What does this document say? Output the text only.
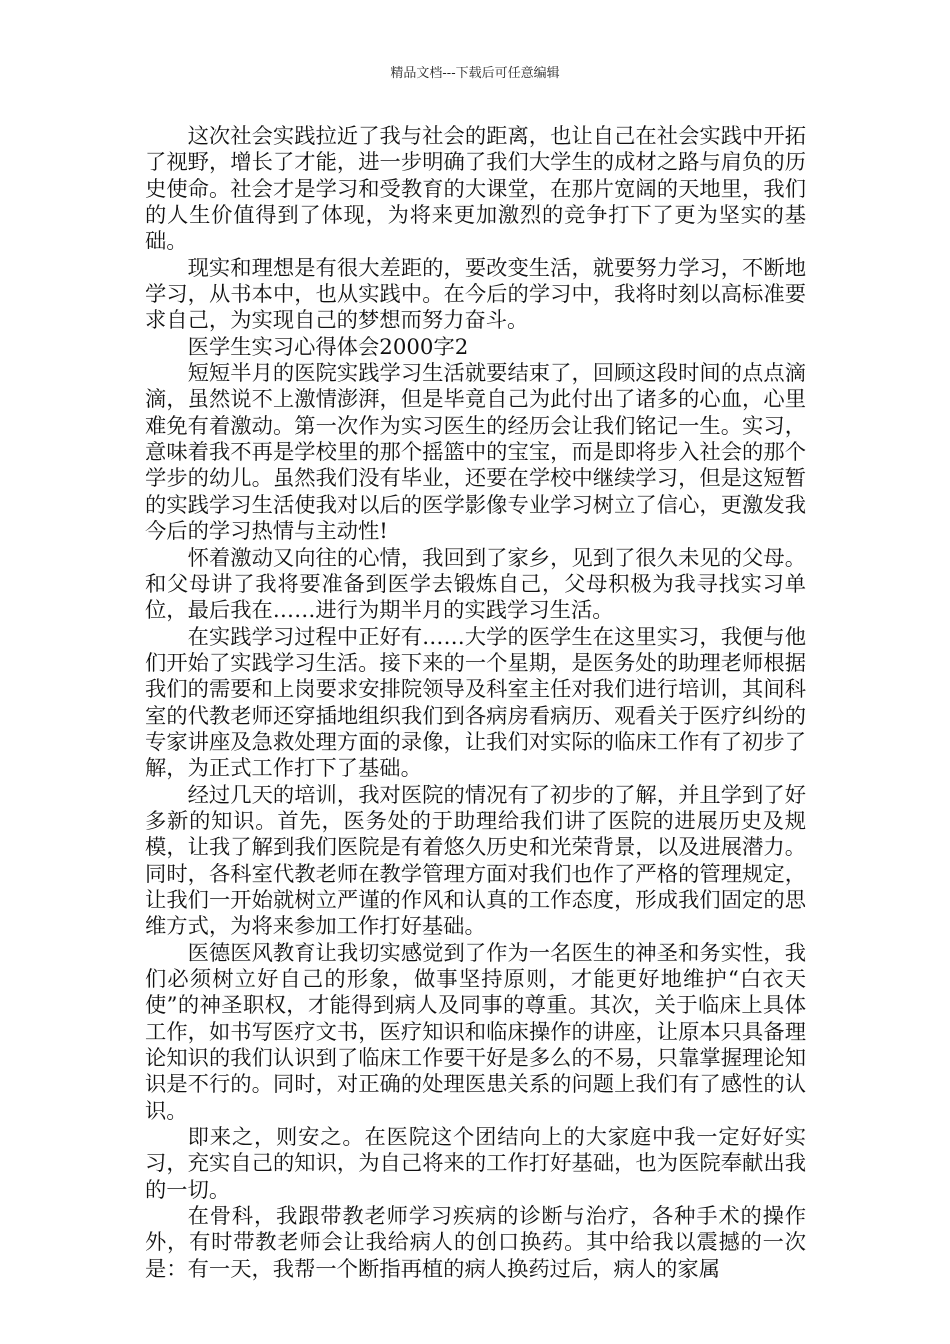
精品文档---下载后可任意编辑

这次社会实践拉近了我与社会的距离，也让自己在社会实践中开拓了视野，增长了才能，进一步明确了我们大学生的成材之路与肩负的历史使命。社会才是学习和受教育的大课堂，在那片宽阔的天地里，我们的人生价值得到了体现，为将来更加激烈的竞争打下了更为坚实的基础。

现实和理想是有很大差距的，要改变生活，就要努力学习，不断地学习，从书本中，也从实践中。在今后的学习中，我将时刻以高标准要求自己，为实现自己的梦想而努力奋斗。

医学生实习心得体会2000字2

短短半月的医院实践学习生活就要结束了，回顾这段时间的点点滴滴，虽然说不上激情澎湃，但是毕竟自己为此付出了诸多的心血，心里难免有着激动。第一次作为实习医生的经历会让我们铭记一生。实习，意味着我不再是学校里的那个摇篮中的宝宝，而是即将步入社会的那个学步的幼儿。虽然我们没有毕业，还要在学校中继续学习，但是这短暂的实践学习生活使我对以后的医学影像专业学习树立了信心，更激发我今后的学习热情与主动性!

怀着激动又向往的心情，我回到了家乡，见到了很久未见的父母。和父母讲了我将要准备到医学去锻炼自己，父母积极为我寻找实习单位，最后我在……进行为期半月的实践学习生活。

在实践学习过程中正好有……大学的医学生在这里实习，我便与他们开始了实践学习生活。接下来的一个星期，是医务处的助理老师根据我们的需要和上岗要求安排院领导及科室主任对我们进行培训，其间科室的代教老师还穿插地组织我们到各病房看病历、观看关于医疗纠纷的专家讲座及急救处理方面的录像，让我们对实际的临床工作有了初步了解，为正式工作打下了基础。

经过几天的培训，我对医院的情况有了初步的了解，并且学到了好多新的知识。首先，医务处的于助理给我们讲了医院的进展历史及规模，让我了解到我们医院是有着悠久历史和光荣背景，以及进展潜力。同时，各科室代教老师在教学管理方面对我们也作了严格的管理规定，让我们一开始就树立严谨的作风和认真的工作态度，形成我们固定的思维方式，为将来参加工作打好基础。

医德医风教育让我切实感觉到了作为一名医生的神圣和务实性，我们必须树立好自己的形象，做事坚持原则，才能更好地维护“白衣天使”的神圣职权，才能得到病人及同事的尊重。其次，关于临床上具体工作，如书写医疗文书，医疗知识和临床操作的讲座，让原本只具备理论知识的我们认识到了临床工作要干好是多么的不易，只靠掌握理论知识是不行的。同时，对正确的处理医患关系的问题上我们有了感性的认识。

即来之，则安之。在医院这个团结向上的大家庭中我一定好好实习，充实自己的知识，为自己将来的工作打好基础，也为医院奉献出我的一切。

在骨科，我跟带教老师学习疾病的诊断与治疗，各种手术的操作外，有时带教老师会让我给病人的创口换药。其中给我以震撼的一次是：有一天，我帮一个断指再植的病人换药过后，病人的家属
